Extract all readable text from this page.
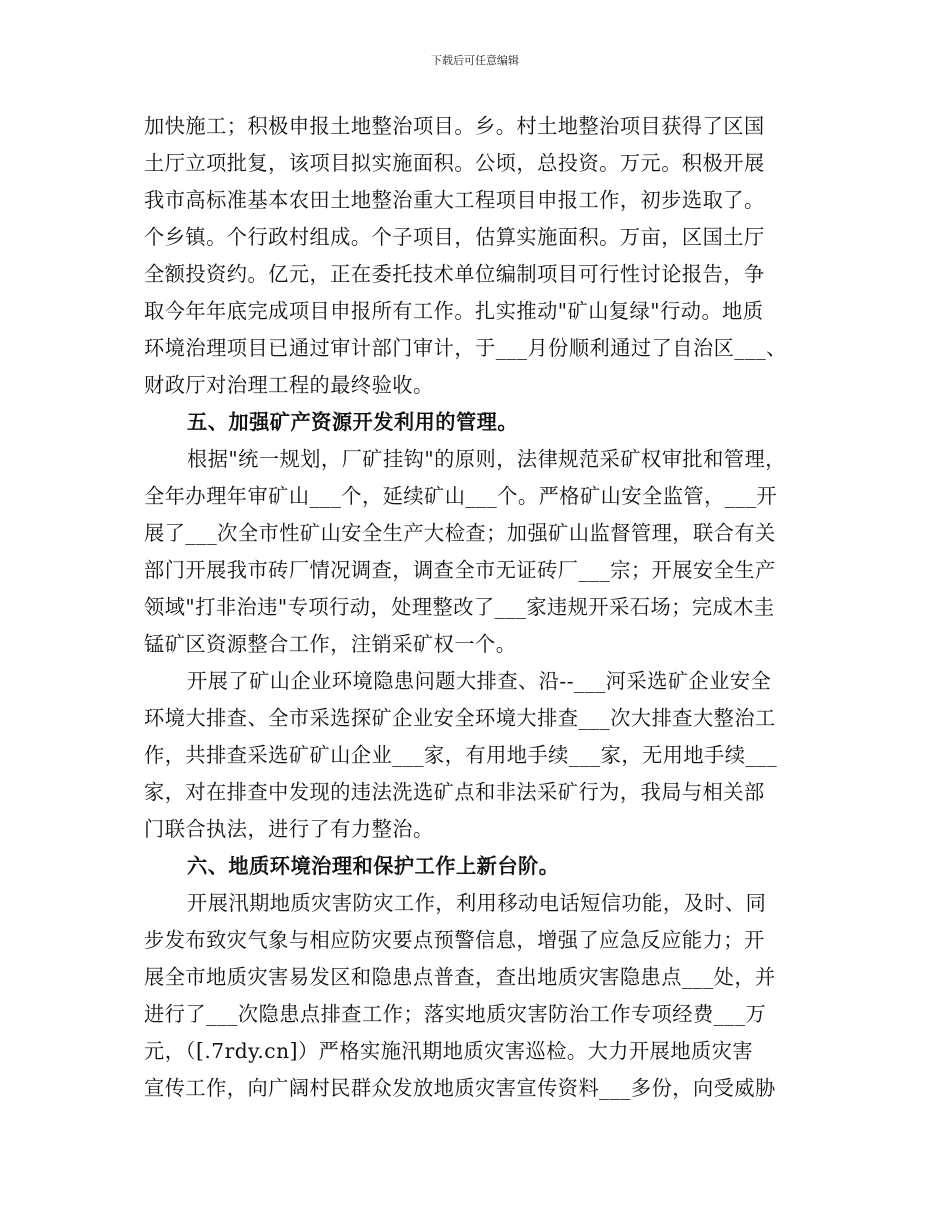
下载后可任意编辑
加快施工；积极申报土地整治项目。乡。村土地整治项目获得了区国
土厅立项批复，该项目拟实施面积。公顷，总投资。万元。积极开展
我市高标准基本农田土地整治重大工程项目申报工作，初步选取了。
个乡镇。个行政村组成。个子项目，估算实施面积。万亩，区国土厅
全额投资约。亿元，正在委托技术单位编制项目可行性讨论报告，争
取今年年底完成项目申报所有工作。扎实推动"矿山复绿"行动。地质
环境治理项目已通过审计部门审计，于___月份顺利通过了自治区___、
财政厅对治理工程的最终验收。
五、加强矿产资源开发利用的管理。
根据"统一规划，厂矿挂钩"的原则，法律规范采矿权审批和管理，
全年办理年审矿山___个，延续矿山___个。严格矿山安全监管，___开
展了___次全市性矿山安全生产大检查；加强矿山监督管理，联合有关
部门开展我市砖厂情况调查，调查全市无证砖厂___宗；开展安全生产
领域"打非治违"专项行动，处理整改了___家违规开采石场；完成木圭
锰矿区资源整合工作，注销采矿权一个。
开展了矿山企业环境隐患问题大排查、沿--___河采选矿企业安全
环境大排查、全市采选探矿企业安全环境大排查___次大排查大整治工
作，共排查采选矿矿山企业___家，有用地手续___家，无用地手续___
家，对在排查中发现的违法洗选矿点和非法采矿行为，我局与相关部
门联合执法，进行了有力整治。
六、地质环境治理和保护工作上新台阶。
开展汛期地质灾害防灾工作，利用移动电话短信功能，及时、同
步发布致灾气象与相应防灾要点预警信息，增强了应急反应能力；开
展全市地质灾害易发区和隐患点普查，查出地质灾害隐患点___处，并
进行了___次隐患点排查工作；落实地质灾害防治工作专项经费___万
元，（[.7rdy.cn]）严格实施汛期地质灾害巡检。大力开展地质灾害
宣传工作，向广阔村民群众发放地质灾害宣传资料___多份，向受威胁
